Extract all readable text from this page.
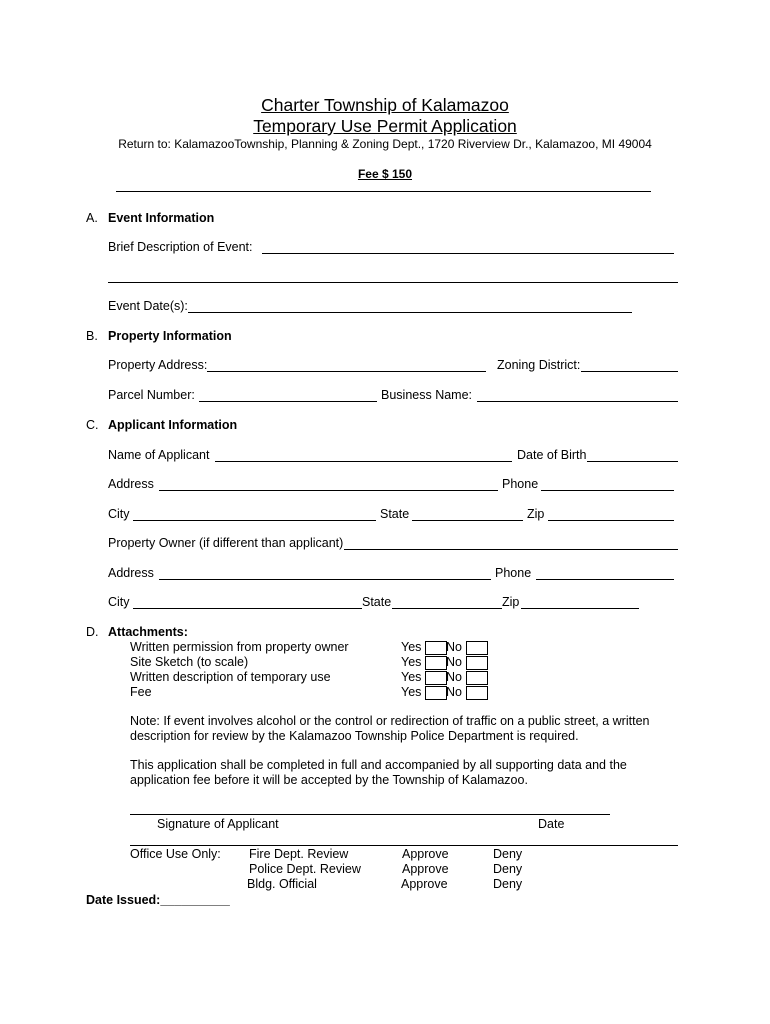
Charter Township of Kalamazoo
Temporary Use Permit Application
Return to: KalamazooTownship, Planning & Zoning Dept., 1720 Riverview Dr., Kalamazoo, MI 49004
Fee $ 150
A. Event Information
Brief Description of Event:
Event Date(s):
B. Property Information
Property Address:	Zoning District:
Parcel Number:	Business Name:
C. Applicant Information
Name of Applicant	Date of Birth
Address	Phone
City	State	Zip
Property Owner (if different than applicant)
Address	Phone
City	State	Zip
D. Attachments:
Written permission from property owner	Yes No
Site Sketch (to scale)	Yes No
Written description of temporary use	Yes No
Fee	Yes No
Note: If event involves alcohol or the control or redirection of traffic on a public street, a written
description for review by the Kalamazoo Township Police Department is required.
This application shall be completed in full and accompanied by all supporting data and the
application fee before it will be accepted by the Township of Kalamazoo.
Signature of Applicant	Date
Office Use Only: Fire Dept. Review	Approve	Deny
Police Dept. Review	Approve	Deny
Bldg. Official	Approve	Deny
Date Issued:__________
